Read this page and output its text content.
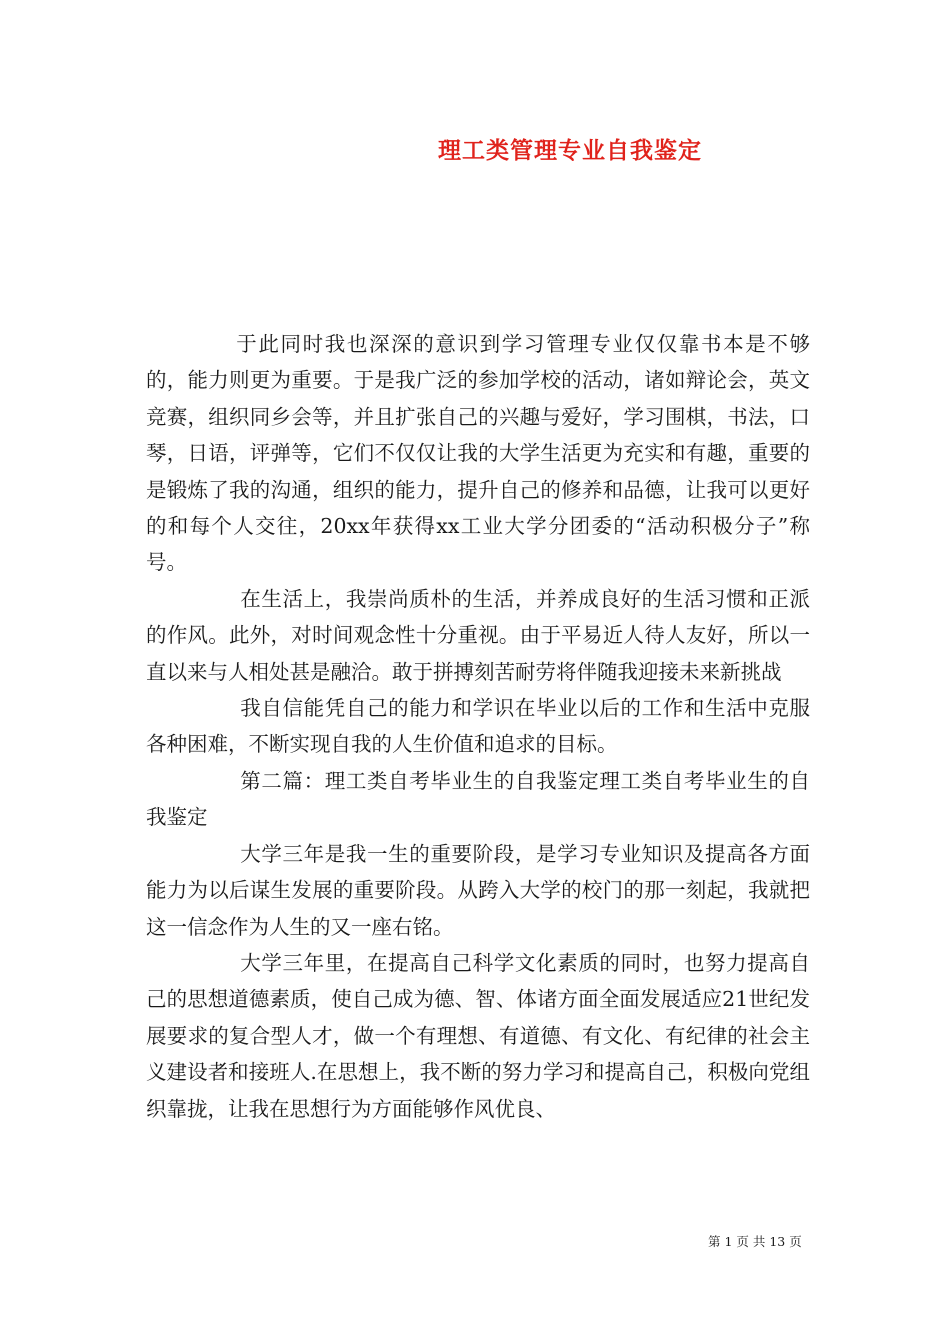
理工类管理专业自我鉴定

于此同时我也深深的意识到学习管理专业仅仅靠书本是不够的，能力则更为重要。于是我广泛的参加学校的活动，诸如辩论会，英文竞赛，组织同乡会等，并且扩张自己的兴趣与爱好，学习围棋，书法，口琴，日语，评弹等，它们不仅仅让我的大学生活更为充实和有趣，重要的是锻炼了我的沟通，组织的能力，提升自己的修养和品德，让我可以更好的和每个人交往，20xx年获得xx工业大学分团委的“活动积极分子”称号。

在生活上，我崇尚质朴的生活，并养成良好的生活习惯和正派的作风。此外，对时间观念性十分重视。由于平易近人待人友好，所以一直以来与人相处甚是融洽。敢于拼搏刻苦耐劳将伴随我迎接未来新挑战

我自信能凭自己的能力和学识在毕业以后的工作和生活中克服各种困难，不断实现自我的人生价值和追求的目标。

第二篇：理工类自考毕业生的自我鉴定理工类自考毕业生的自我鉴定

大学三年是我一生的重要阶段，是学习专业知识及提高各方面能力为以后谋生发展的重要阶段。从跨入大学的校门的那一刻起，我就把这一信念作为人生的又一座右铭。

大学三年里，在提高自己科学文化素质的同时，也努力提高自己的思想道德素质，使自己成为德、智、体诸方面全面发展适应21世纪发展要求的复合型人才，做一个有理想、有道德、有文化、有纪律的社会主义建设者和接班人.在思想上，我不断的努力学习和提高自己，积极向党组织靠拢，让我在思想行为方面能够作风优良、

第 1 页 共 13 页
